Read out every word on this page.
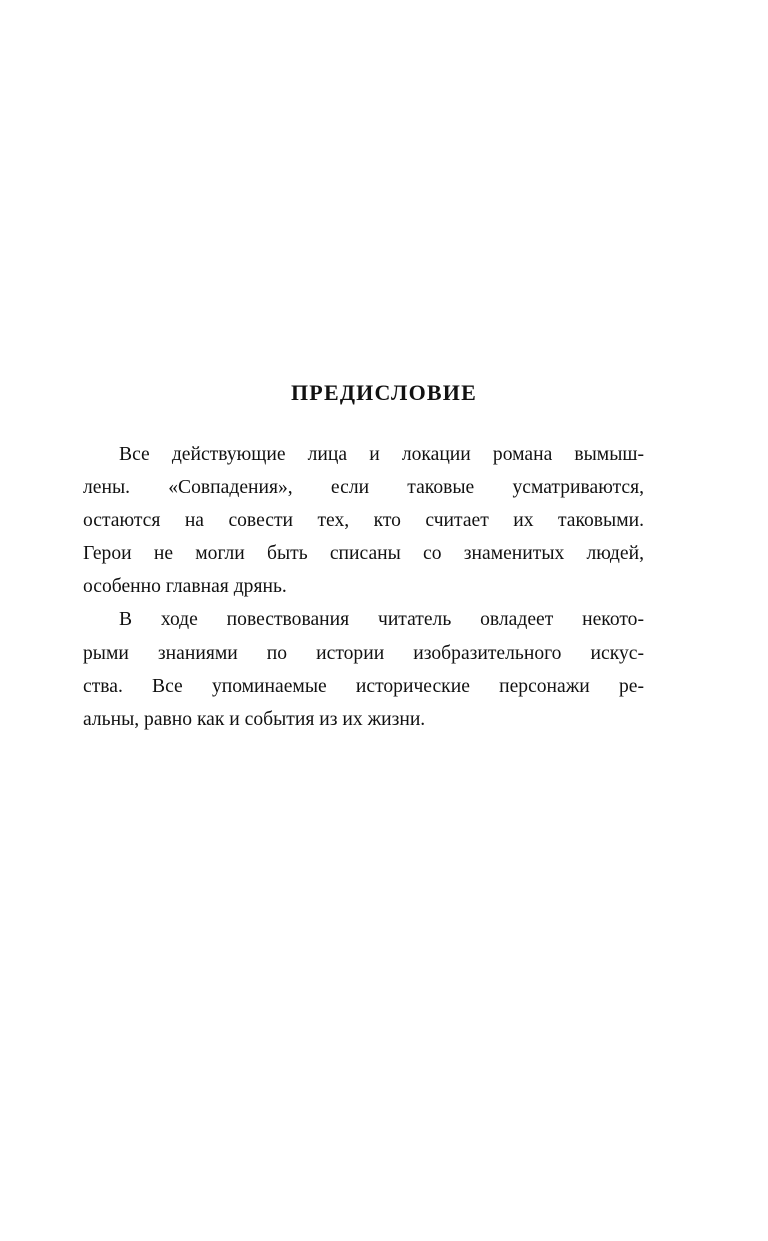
ПРЕДИСЛОВИЕ
Все действующие лица и локации романа вымыш-
лены. «Совпадения», если таковые усматриваются,
остаются на совести тех, кто считает их таковыми.
Герои не могли быть списаны со знаменитых людей,
особенно главная дрянь.
В ходе повествования читатель овладеет некото-
рыми знаниями по истории изобразительного искус-
ства. Все упоминаемые исторические персонажи ре-
альны, равно как и события из их жизни.
